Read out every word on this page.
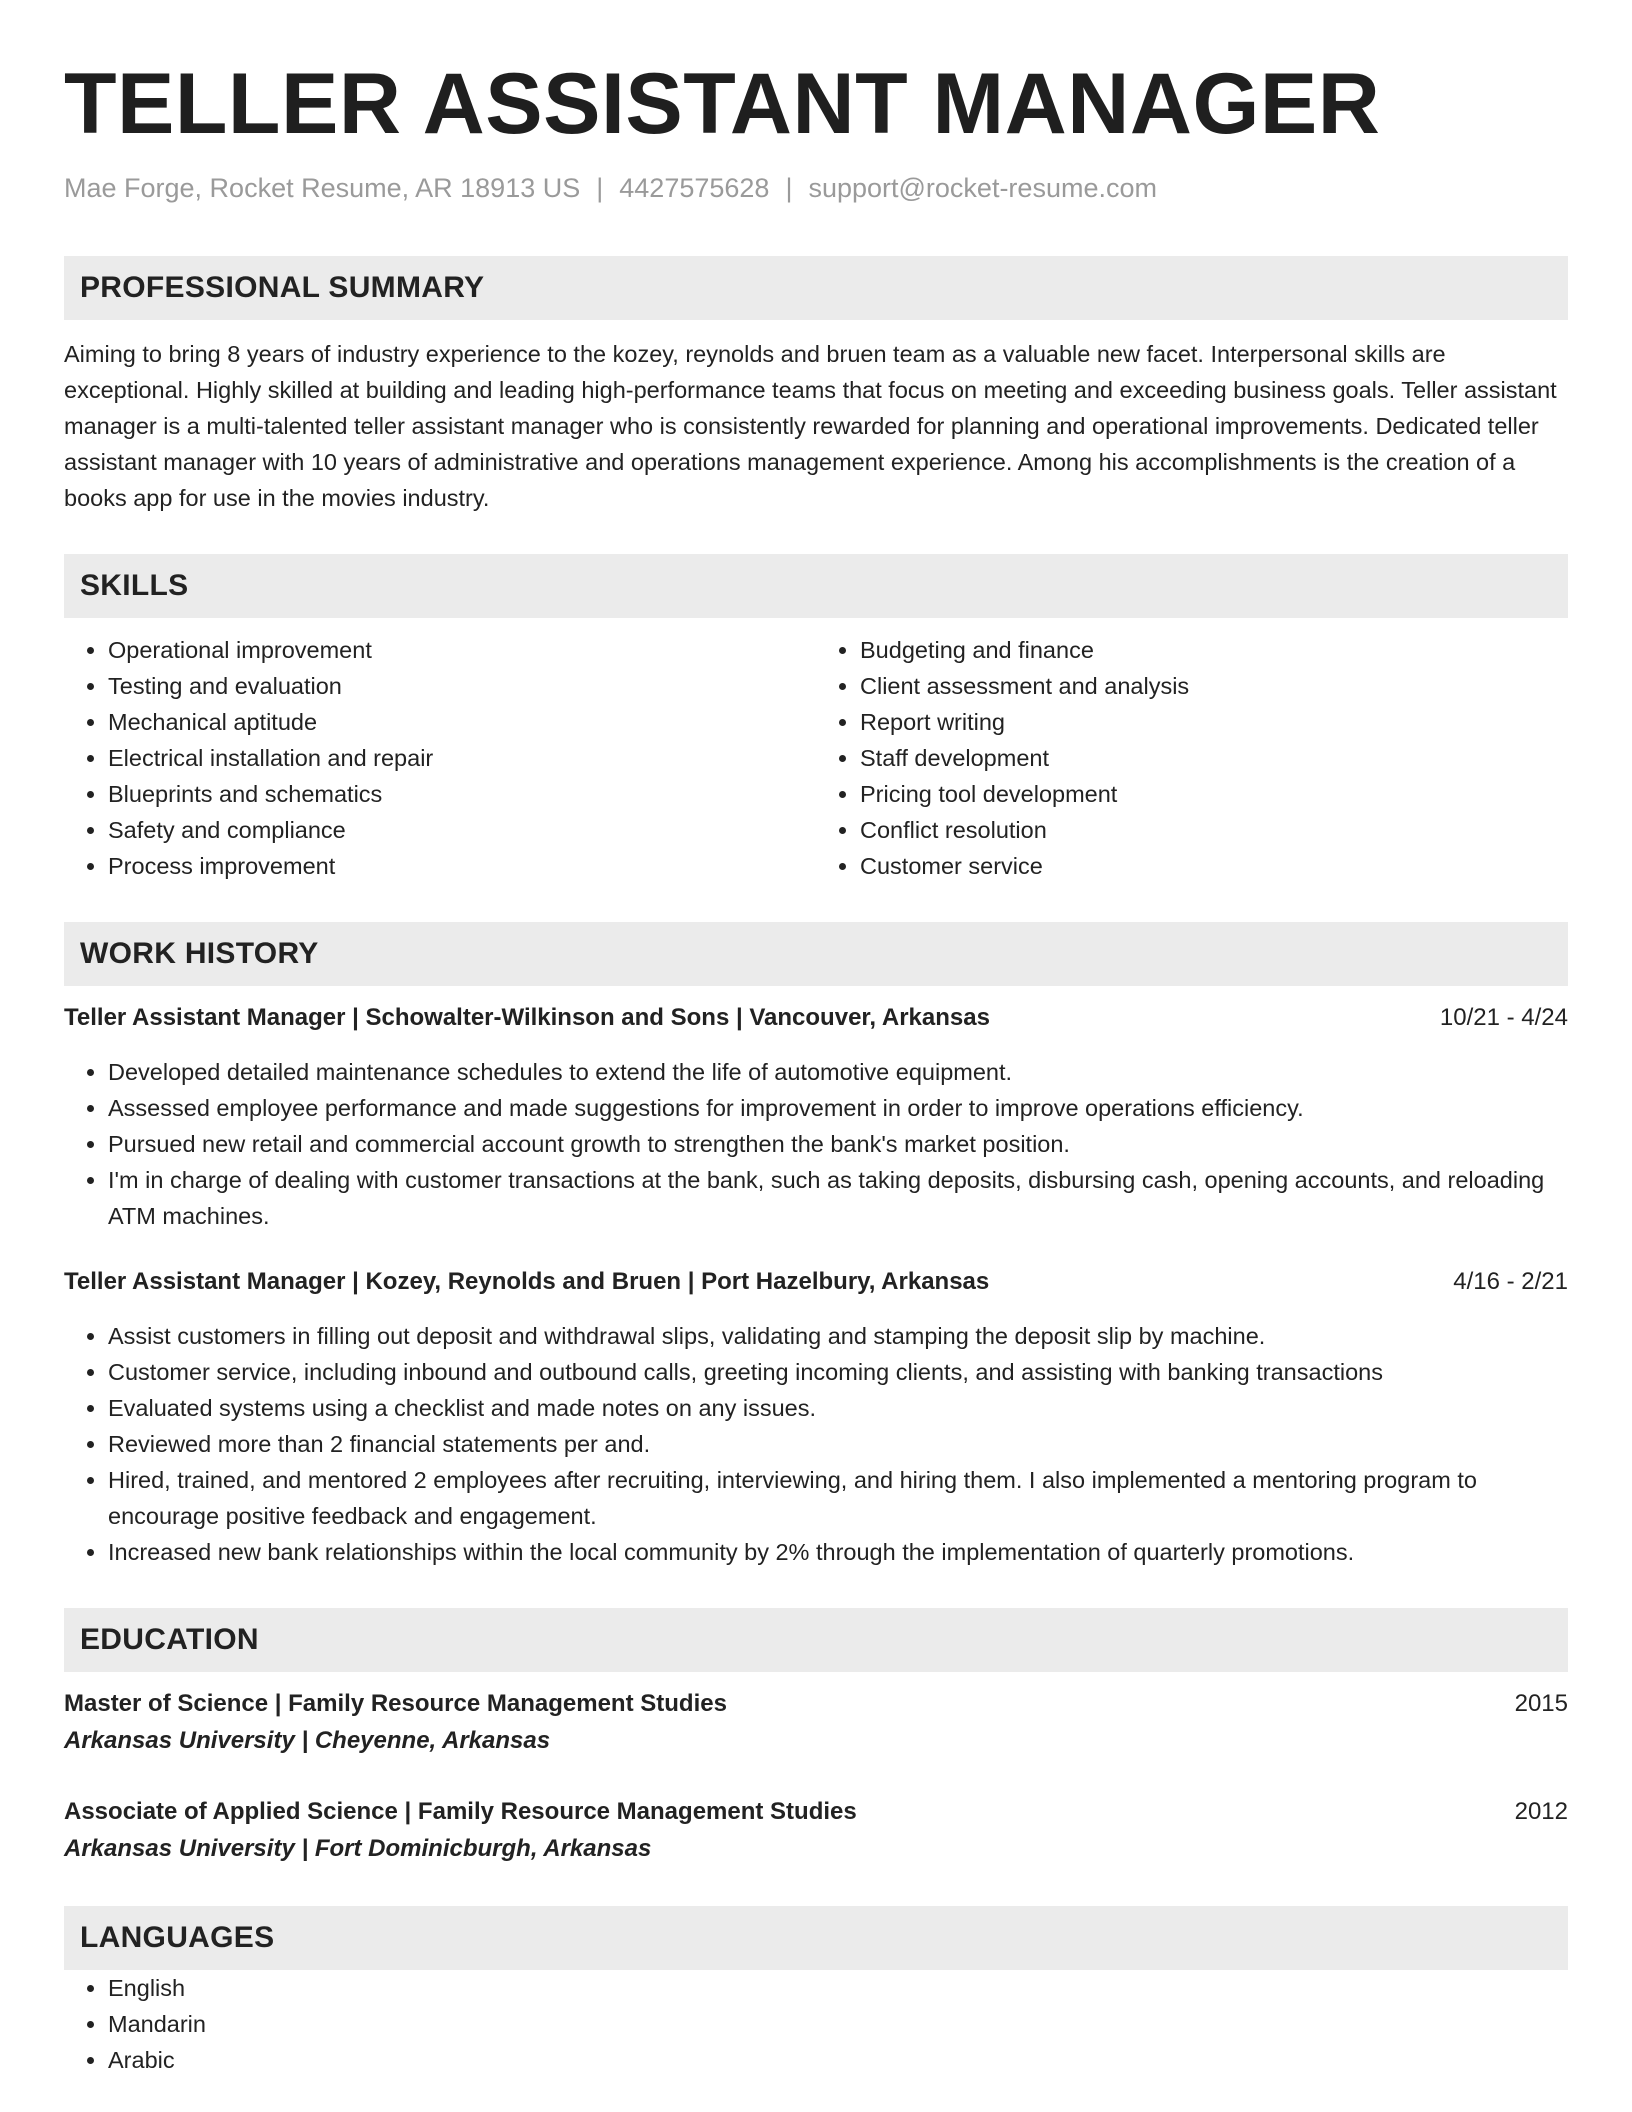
TELLER ASSISTANT MANAGER
Mae Forge, Rocket Resume, AR 18913 US | 4427575628 | support@rocket-resume.com
PROFESSIONAL SUMMARY
Aiming to bring 8 years of industry experience to the kozey, reynolds and bruen team as a valuable new facet. Interpersonal skills are exceptional. Highly skilled at building and leading high-performance teams that focus on meeting and exceeding business goals. Teller assistant manager is a multi-talented teller assistant manager who is consistently rewarded for planning and operational improvements. Dedicated teller assistant manager with 10 years of administrative and operations management experience. Among his accomplishments is the creation of a books app for use in the movies industry.
SKILLS
• Operational improvement
• Testing and evaluation
• Mechanical aptitude
• Electrical installation and repair
• Blueprints and schematics
• Safety and compliance
• Process improvement
• Budgeting and finance
• Client assessment and analysis
• Report writing
• Staff development
• Pricing tool development
• Conflict resolution
• Customer service
WORK HISTORY
Teller Assistant Manager | Schowalter-Wilkinson and Sons | Vancouver, Arkansas	10/21 - 4/24
• Developed detailed maintenance schedules to extend the life of automotive equipment.
• Assessed employee performance and made suggestions for improvement in order to improve operations efficiency.
• Pursued new retail and commercial account growth to strengthen the bank's market position.
• I'm in charge of dealing with customer transactions at the bank, such as taking deposits, disbursing cash, opening accounts, and reloading ATM machines.
Teller Assistant Manager | Kozey, Reynolds and Bruen | Port Hazelbury, Arkansas	4/16 - 2/21
• Assist customers in filling out deposit and withdrawal slips, validating and stamping the deposit slip by machine.
• Customer service, including inbound and outbound calls, greeting incoming clients, and assisting with banking transactions
• Evaluated systems using a checklist and made notes on any issues.
• Reviewed more than 2 financial statements per and.
• Hired, trained, and mentored 2 employees after recruiting, interviewing, and hiring them. I also implemented a mentoring program to encourage positive feedback and engagement.
• Increased new bank relationships within the local community by 2% through the implementation of quarterly promotions.
EDUCATION
Master of Science | Family Resource Management Studies	2015
Arkansas University | Cheyenne, Arkansas
Associate of Applied Science | Family Resource Management Studies	2012
Arkansas University | Fort Dominicburgh, Arkansas
LANGUAGES
• English
• Mandarin
• Arabic
